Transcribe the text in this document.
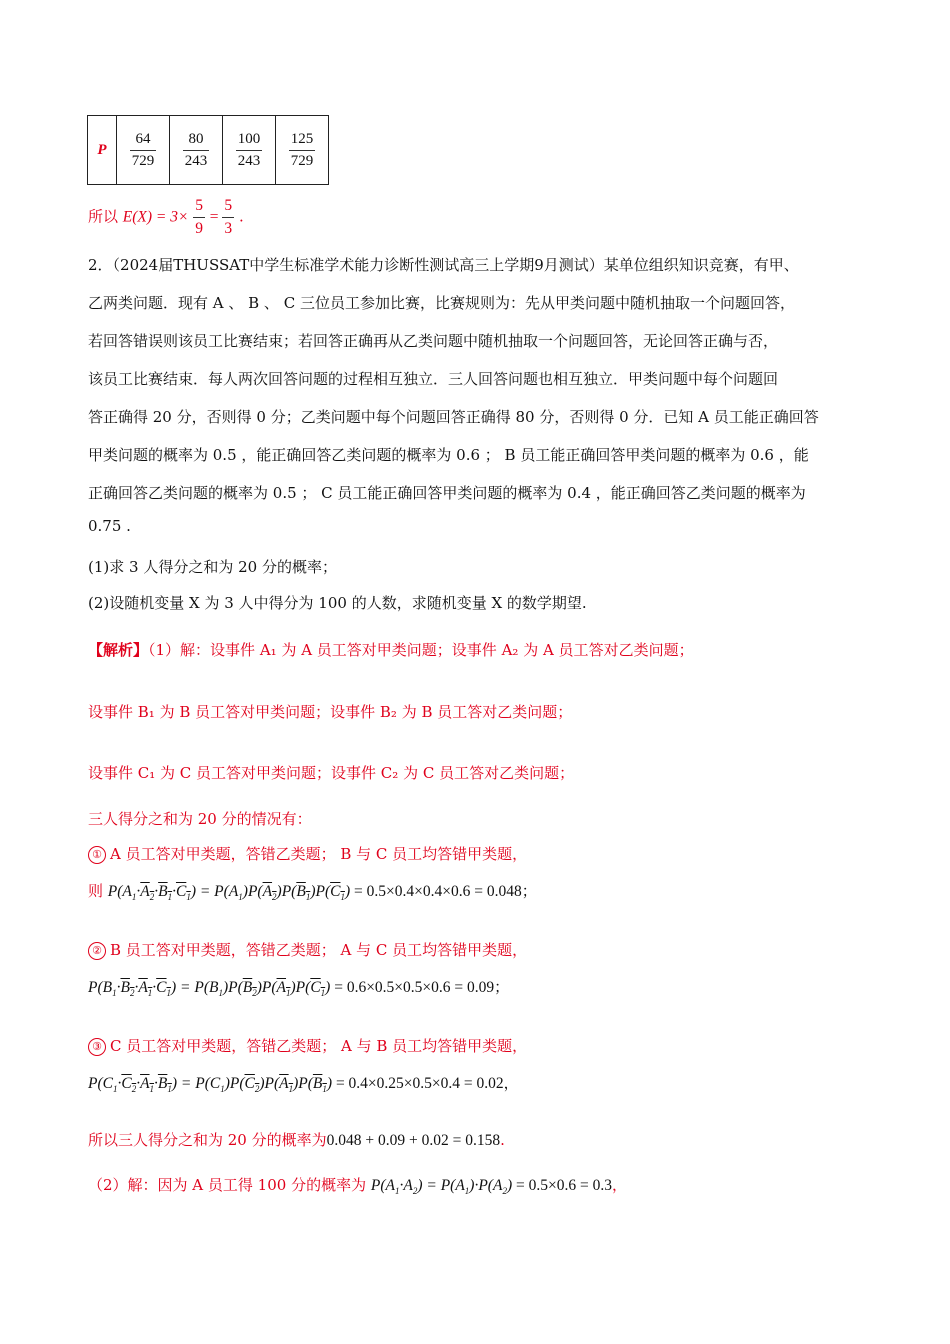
P	$\frac{64}{729}$	$\frac{80}{243}$	$\frac{100}{243}$	$\frac{125}{729}$
所以 $E(X) = 3\times \frac{5}{9} = \frac{5}{3}$ .
2．（2024届THUSSAT中学生标准学术能力诊断性测试高三上学期9月测试）某单位组织知识竞赛，有甲、
乙两类问题．现有 A 、 B 、 C 三位员工参加比赛，比赛规则为：先从甲类问题中随机抽取一个问题回答，
若回答错误则该员工比赛结束；若回答正确再从乙类问题中随机抽取一个问题回答，无论回答正确与否，
该员工比赛结束．每人两次回答问题的过程相互独立．三人回答问题也相互独立．甲类问题中每个问题回
答正确得 20 分，否则得 0 分；乙类问题中每个问题回答正确得 80 分，否则得 0 分．已知 A 员工能正确回答
甲类问题的概率为 0.5 ，能正确回答乙类问题的概率为 0.6 ； B 员工能正确回答甲类问题的概率为 0.6 ，能
正确回答乙类问题的概率为 0.5 ； C 员工能正确回答甲类问题的概率为 0.4 ，能正确回答乙类问题的概率为
0.75 .
(1)求 3 人得分之和为 20 分的概率；
(2)设随机变量 X 为 3 人中得分为 100 的人数，求随机变量 X 的数学期望.
【解析】（1）解：设事件 A₁ 为 A 员工答对甲类问题；设事件 A₂ 为 A 员工答对乙类问题；
设事件 B₁ 为 B 员工答对甲类问题；设事件 B₂ 为 B 员工答对乙类问题；
设事件 C₁ 为 C 员工答对甲类问题；设事件 C₂ 为 C 员工答对乙类问题；
三人得分之和为 20 分的情况有：
① A 员工答对甲类题，答错乙类题； B 与 C 员工均答错甲类题，
则 $P(A_1\cdot A_2\cdot B_1\cdot C_1) = P(A_1)P(A_2)P(B_1)P(C_1) = 0.5\times 0.4\times 0.4\times 0.6 = 0.048$；
② B 员工答对甲类题，答错乙类题； A 与 C 员工均答错甲类题，
$P(B_1\cdot B_2\cdot A_1\cdot C_1) = P(B_1)P(B_2)P(A_1)P(C_1) = 0.6\times 0.5\times 0.5\times 0.6 = 0.09$；
③ C 员工答对甲类题，答错乙类题； A 与 B 员工均答错甲类题，
$P(C_1\cdot C_2\cdot A_1\cdot B_1) = P(C_1)P(C_2)P(A_1)P(B_1) = 0.4\times 0.25\times 0.5\times 0.4 = 0.02$，
所以三人得分之和为 20 分的概率为0.048 + 0.09 + 0.02 = 0.158.
（2）解：因为 A 员工得 100 分的概率为 $P(A_1\cdot A_2) = P(A_1)\cdot P(A_2) = 0.5\times 0.6 = 0.3$，
